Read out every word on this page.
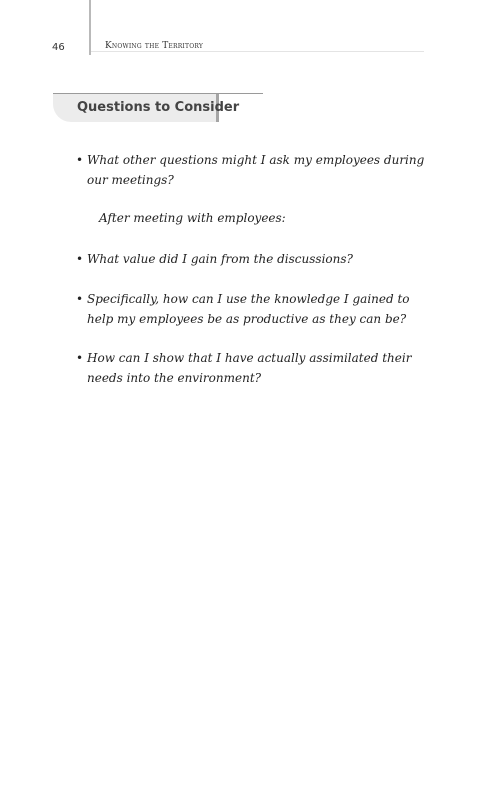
46	Knowing the Territory
Questions to Consider
• What other questions might I ask my employees during our meetings?
• What value did I gain from the discussions?
• Specifically, how can I use the knowledge I gained to help my employees be as productive as they can be?
• How can I show that I have actually assimilated their needs into the environment?
After meeting with employees:
